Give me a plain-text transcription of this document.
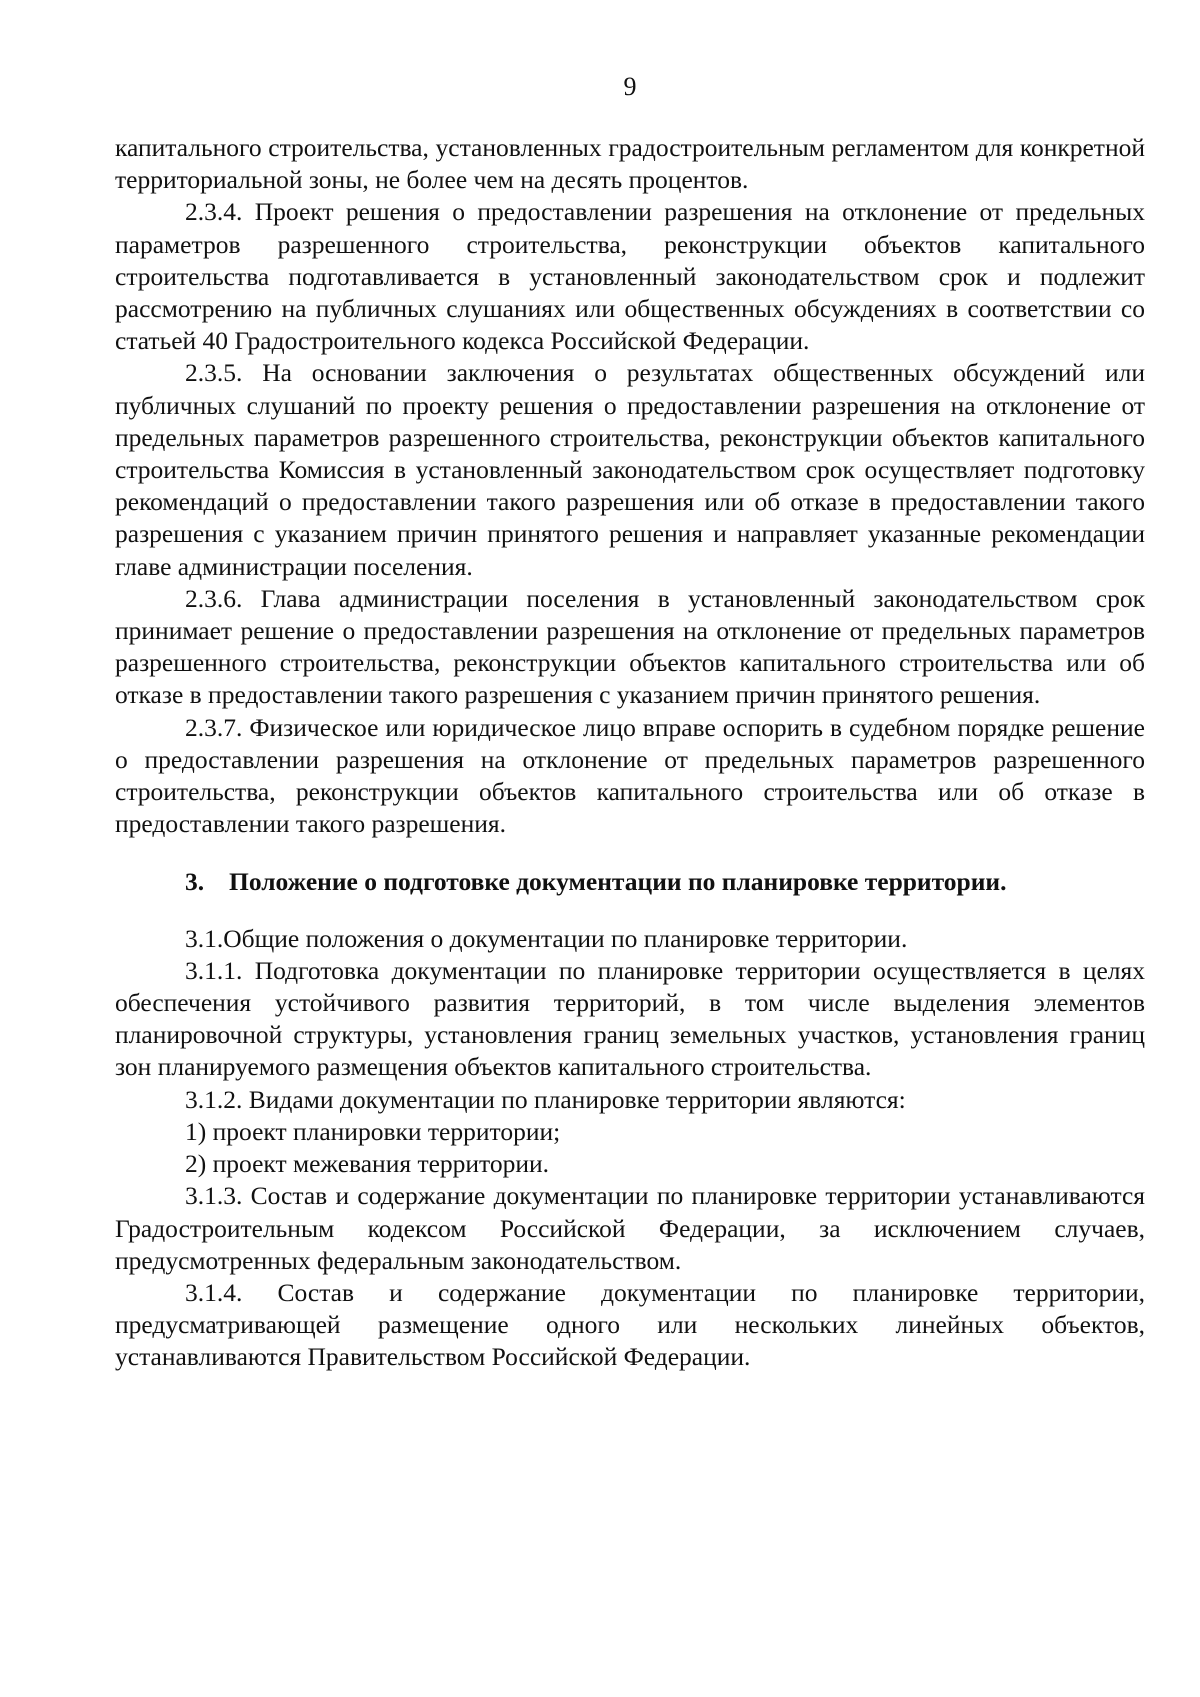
9

капитального строительства, установленных градостроительным регламентом для конкретной территориальной зоны, не более чем на десять процентов.

2.3.4. Проект решения о предоставлении разрешения на отклонение от предельных параметров разрешенного строительства, реконструкции объектов капитального строительства подготавливается в установленный законодательством срок и подлежит рассмотрению на публичных слушаниях или общественных обсуждениях в соответствии со статьей 40 Градостроительного кодекса Российской Федерации.

2.3.5. На основании заключения о результатах общественных обсуждений или публичных слушаний по проекту решения о предоставлении разрешения на отклонение от предельных параметров разрешенного строительства, реконструкции объектов капитального строительства Комиссия в установленный законодательством срок осуществляет подготовку рекомендаций о предоставлении такого разрешения или об отказе в предоставлении такого разрешения с указанием причин принятого решения и направляет указанные рекомендации главе администрации поселения.

2.3.6. Глава администрации поселения в установленный законодательством срок принимает решение о предоставлении разрешения на отклонение от предельных параметров разрешенного строительства, реконструкции объектов капитального строительства или об отказе в предоставлении такого разрешения с указанием причин принятого решения.

2.3.7. Физическое или юридическое лицо вправе оспорить в судебном порядке решение о предоставлении разрешения на отклонение от предельных параметров разрешенного строительства, реконструкции объектов капитального строительства или об отказе в предоставлении такого разрешения.

3. Положение о подготовке документации по планировке территории.

3.1.Общие положения о документации по планировке территории.

3.1.1. Подготовка документации по планировке территории осуществляется в целях обеспечения устойчивого развития территорий, в том числе выделения элементов планировочной структуры, установления границ земельных участков, установления границ зон планируемого размещения объектов капитального строительства.

3.1.2. Видами документации по планировке территории являются:

1) проект планировки территории;

2) проект межевания территории.

3.1.3. Состав и содержание документации по планировке территории устанавливаются Градостроительным кодексом Российской Федерации, за исключением случаев, предусмотренных федеральным законодательством.

3.1.4. Состав и содержание документации по планировке территории, предусматривающей размещение одного или нескольких линейных объектов, устанавливаются Правительством Российской Федерации.
